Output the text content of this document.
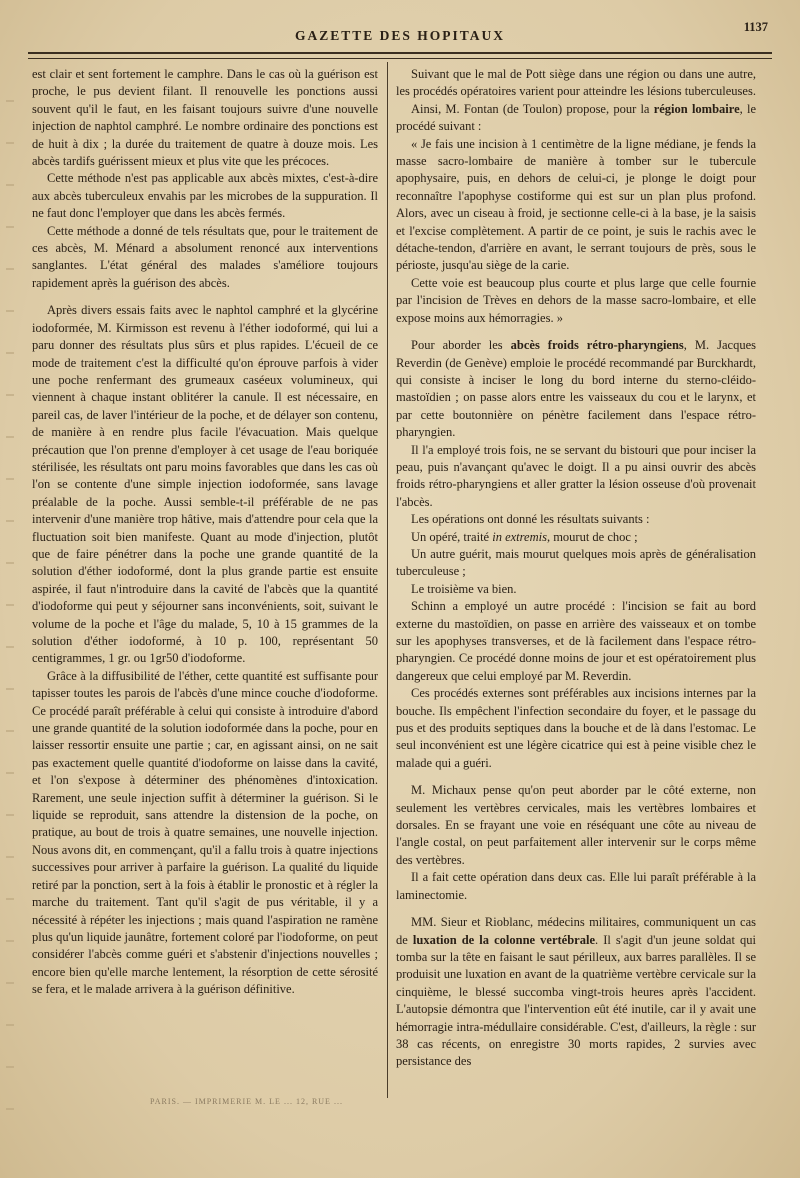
GAZETTE DES HOPITAUX
1137

est clair et sent fortement le camphre. Dans le cas où la guérison est proche, le pus devient filant. Il renouvelle les ponctions aussi souvent qu'il le faut, en les faisant toujours suivre d'une nouvelle injection de naphtol camphré. Le nombre ordinaire des ponctions est de huit à dix ; la durée du traitement de quatre à douze mois. Les abcès tardifs guérissent mieux et plus vite que les précoces.

Cette méthode n'est pas applicable aux abcès mixtes, c'est-à-dire aux abcès tuberculeux envahis par les microbes de la suppuration. Il ne faut donc l'employer que dans les abcès fermés.

Cette méthode a donné de tels résultats que, pour le traitement de ces abcès, M. Ménard a absolument renoncé aux interventions sanglantes. L'état général des malades s'améliore toujours rapidement après la guérison des abcès.

Après divers essais faits avec le naphtol camphré et la glycérine iodoformée, M. Kirmisson est revenu à l'éther iodoformé, qui lui a paru donner des résultats plus sûrs et plus rapides. L'écueil de ce mode de traitement c'est la difficulté qu'on éprouve parfois à vider une poche renfermant des grumeaux caséeux volumineux, qui viennent à chaque instant oblitérer la canule. Il est nécessaire, en pareil cas, de laver l'intérieur de la poche, et de délayer son contenu, de manière à en rendre plus facile l'évacuation. Mais quelque précaution que l'on prenne d'employer à cet usage de l'eau boriquée stérilisée, les résultats ont paru moins favorables que dans les cas où l'on se contente d'une simple injection iodoformée, sans lavage préalable de la poche. Aussi semble-t-il préférable de ne pas intervenir d'une manière trop hâtive, mais d'attendre pour cela que la fluctuation soit bien manifeste. Quant au mode d'injection, plutôt que de faire pénétrer dans la poche une grande quantité de la solution d'éther iodoformé, dont la plus grande partie est ensuite aspirée, il faut n'introduire dans la cavité de l'abcès que la quantité d'iodoforme qui peut y séjourner sans inconvénients, soit, suivant le volume de la poche et l'âge du malade, 5, 10 à 15 grammes de la solution d'éther iodoformé, à 10 p. 100, représentant 50 centigrammes, 1 gr. ou 1gr50 d'iodoforme.

Grâce à la diffusibilité de l'éther, cette quantité est suffisante pour tapisser toutes les parois de l'abcès d'une mince couche d'iodoforme. Ce procédé paraît préférable à celui qui consiste à introduire d'abord une grande quantité de la solution iodoformée dans la poche, pour en laisser ressortir ensuite une partie ; car, en agissant ainsi, on ne sait pas exactement quelle quantité d'iodoforme on laisse dans la cavité, et l'on s'expose à déterminer des phénomènes d'intoxication. Rarement, une seule injection suffit à déterminer la guérison. Si le liquide se reproduit, sans attendre la distension de la poche, on pratique, au bout de trois à quatre semaines, une nouvelle injection. Nous avons dit, en commençant, qu'il a fallu trois à quatre injections successives pour arriver à parfaire la guérison. La qualité du liquide retiré par la ponction, sert à la fois à établir le pronostic et à régler la marche du traitement. Tant qu'il s'agit de pus véritable, il y a nécessité à répéter les injections ; mais quand l'aspiration ne ramène plus qu'un liquide jaunâtre, fortement coloré par l'iodoforme, on peut considérer l'abcès comme guéri et s'abstenir d'injections nouvelles ; encore bien qu'elle marche lentement, la résorption de cette sérosité se fera, et le malade arrivera à la guérison définitive.

Suivant que le mal de Pott siège dans une région ou dans une autre, les procédés opératoires varient pour atteindre les lésions tuberculeuses.

Ainsi, M. Fontan (de Toulon) propose, pour la région lombaire, le procédé suivant :

« Je fais une incision à 1 centimètre de la ligne médiane, je fends la masse sacro-lombaire de manière à tomber sur le tubercule apophysaire, puis, en dehors de celui-ci, je plonge le doigt pour reconnaître l'apophyse costiforme qui est sur un plan plus profond. Alors, avec un ciseau à froid, je sectionne celle-ci à la base, je la saisis et l'excise complètement. A partir de ce point, je suis le rachis avec le détache-tendon, d'arrière en avant, le serrant toujours de près, sous le périoste, jusqu'au siège de la carie.

Cette voie est beaucoup plus courte et plus large que celle fournie par l'incision de Trèves en dehors de la masse sacro-lombaire, et elle expose moins aux hémorragies. »

Pour aborder les abcès froids rétro-pharyngiens, M. Jacques Reverdin (de Genève) emploie le procédé recommandé par Burckhardt, qui consiste à inciser le long du bord interne du sterno-cléido-mastoïdien ; on passe alors entre les vaisseaux du cou et le larynx, et par cette boutonnière on pénètre facilement dans l'espace rétro-pharyngien.

Il l'a employé trois fois, ne se servant du bistouri que pour inciser la peau, puis n'avançant qu'avec le doigt. Il a pu ainsi ouvrir des abcès froids rétro-pharyngiens et aller gratter la lésion osseuse d'où provenait l'abcès.

Les opérations ont donné les résultats suivants :

Un opéré, traité in extremis, mourut de choc ;

Un autre guérit, mais mourut quelques mois après de généralisation tuberculeuse ;

Le troisième va bien.

Schinn a employé un autre procédé : l'incision se fait au bord externe du mastoïdien, on passe en arrière des vaisseaux et on tombe sur les apophyses transverses, et de là facilement dans l'espace rétro-pharyngien. Ce procédé donne moins de jour et est opératoirement plus dangereux que celui employé par M. Reverdin.

Ces procédés externes sont préférables aux incisions internes par la bouche. Ils empêchent l'infection secondaire du foyer, et le passage du pus et des produits septiques dans la bouche et de là dans l'estomac. Le seul inconvénient est une légère cicatrice qui est à peine visible chez le malade qui a guéri.

M. Michaux pense qu'on peut aborder par le côté externe, non seulement les vertèbres cervicales, mais les vertèbres lombaires et dorsales. En se frayant une voie en réséquant une côte au niveau de l'angle costal, on peut parfaitement aller intervenir sur le corps même des vertèbres.

Il a fait cette opération dans deux cas. Elle lui paraît préférable à la laminectomie.

MM. Sieur et Rioblanc, médecins militaires, communiquent un cas de luxation de la colonne vertébrale. Il s'agit d'un jeune soldat qui tomba sur la tête en faisant le saut périlleux, aux barres parallèles. Il se produisit une luxation en avant de la quatrième vertèbre cervicale sur la cinquième, le blessé succomba vingt-trois heures après l'accident. L'autopsie démontra que l'intervention eût été inutile, car il y avait une hémorragie intra-médullaire considérable. C'est, d'ailleurs, la règle : sur 38 cas récents, on enregistre 30 morts rapides, 2 survies avec persistance des

PARIS. — IMPRIMERIE M. LE ... 12, RUE ...
